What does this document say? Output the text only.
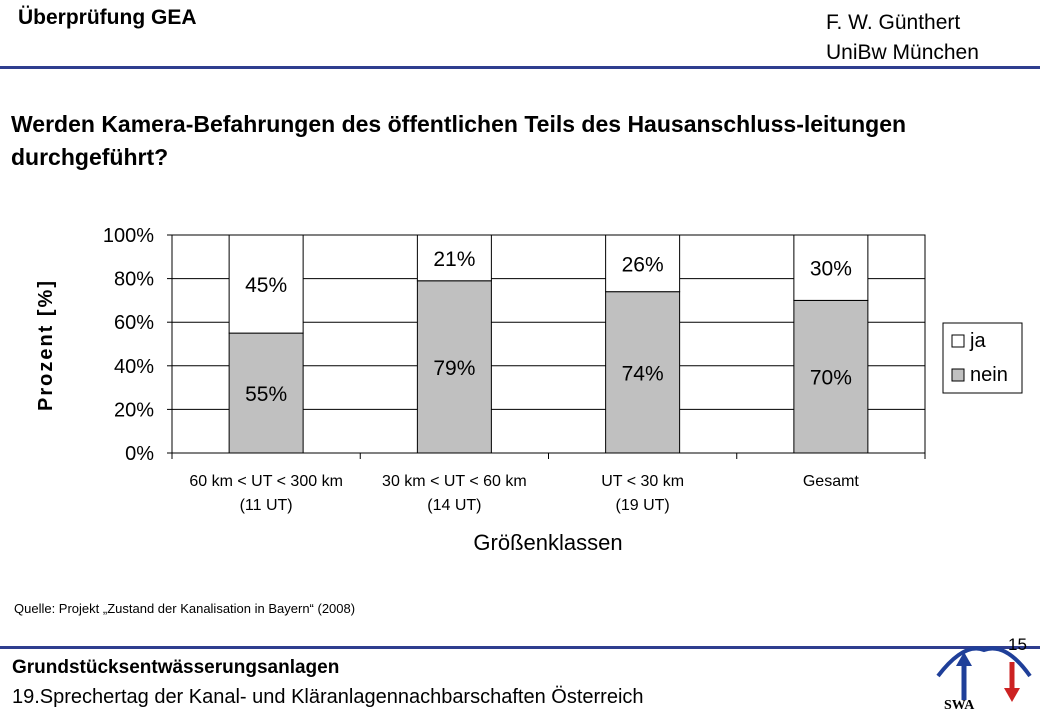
Überprüfung GEA	F. W. Günthert
UniBw München
Werden Kamera-Befahrungen des öffentlichen Teils des Hausanschluss-leitungen durchgeführt?
55%
45%
79%
21%
74%
26%
70%
30%
0%
20%
40%
60%
80%
100%
60 km < UT < 300 km
(11 UT)
30 km < UT < 60 km
(14 UT)
UT < 30 km
(19 UT)
Gesamt
Größenklassen
Prozent [%]	ja
nein
Quelle: Projekt „Zustand der Kanalisation in Bayern“ (2008)
15
Grundstücksentwässerungsanlagen
19.Sprechertag der Kanal- und Kläranlagennachbarschaften Österreich	SWA
